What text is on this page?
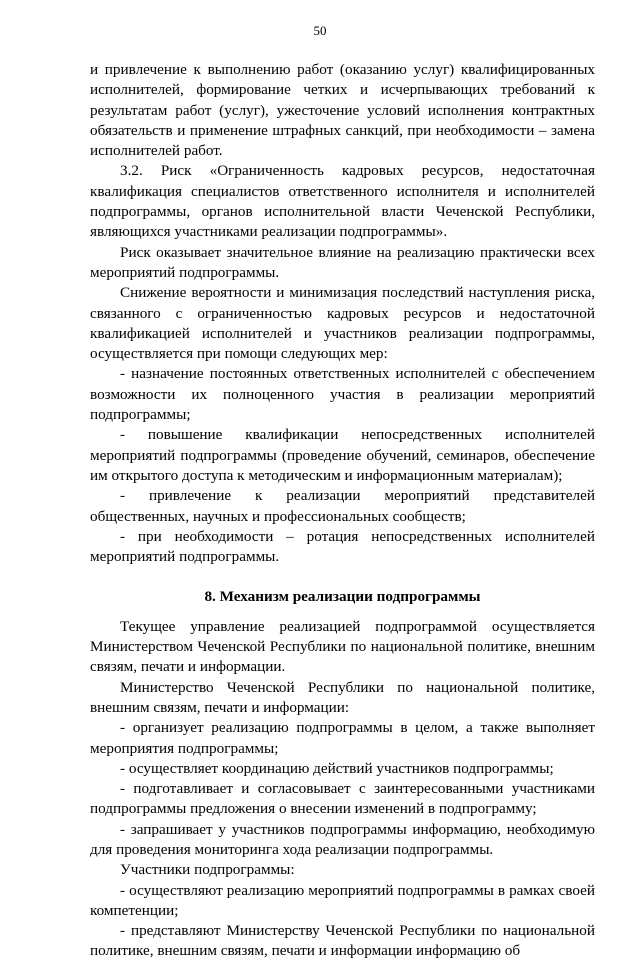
50

и привлечение к выполнению работ (оказанию услуг) квалифицированных исполнителей, формирование четких и исчерпывающих требований к результатам работ (услуг), ужесточение условий исполнения контрактных обязательств и применение штрафных санкций, при необходимости – замена исполнителей работ.

3.2. Риск «Ограниченность кадровых ресурсов, недостаточная квалификация специалистов ответственного исполнителя и исполнителей подпрограммы, органов исполнительной власти Чеченской Республики, являющихся участниками реализации подпрограммы».

Риск оказывает значительное влияние на реализацию практически всех мероприятий подпрограммы.

Снижение вероятности и минимизация последствий наступления риска, связанного с ограниченностью кадровых ресурсов и недостаточной квалификацией исполнителей и участников реализации подпрограммы, осуществляется при помощи следующих мер:

- назначение постоянных ответственных исполнителей с обеспечением возможности их полноценного участия в реализации мероприятий подпрограммы;

- повышение квалификации непосредственных исполнителей мероприятий подпрограммы (проведение обучений, семинаров, обеспечение им открытого доступа к методическим и информационным материалам);

- привлечение к реализации мероприятий представителей общественных, научных и профессиональных сообществ;

- при необходимости – ротация непосредственных исполнителей мероприятий подпрограммы.

8. Механизм реализации подпрограммы

Текущее управление реализацией подпрограммой осуществляется Министерством Чеченской Республики по национальной политике, внешним связям, печати и информации.

Министерство Чеченской Республики по национальной политике, внешним связям, печати и информации:

- организует реализацию подпрограммы в целом, а также выполняет мероприятия подпрограммы;

- осуществляет координацию действий участников подпрограммы;

- подготавливает и согласовывает с заинтересованными участниками подпрограммы предложения о внесении изменений в подпрограмму;

- запрашивает у участников подпрограммы информацию, необходимую для проведения мониторинга хода реализации подпрограммы.

Участники подпрограммы:

- осуществляют реализацию мероприятий подпрограммы в рамках своей компетенции;

- представляют Министерству Чеченской Республики по национальной политике, внешним связям, печати и информации информацию об
